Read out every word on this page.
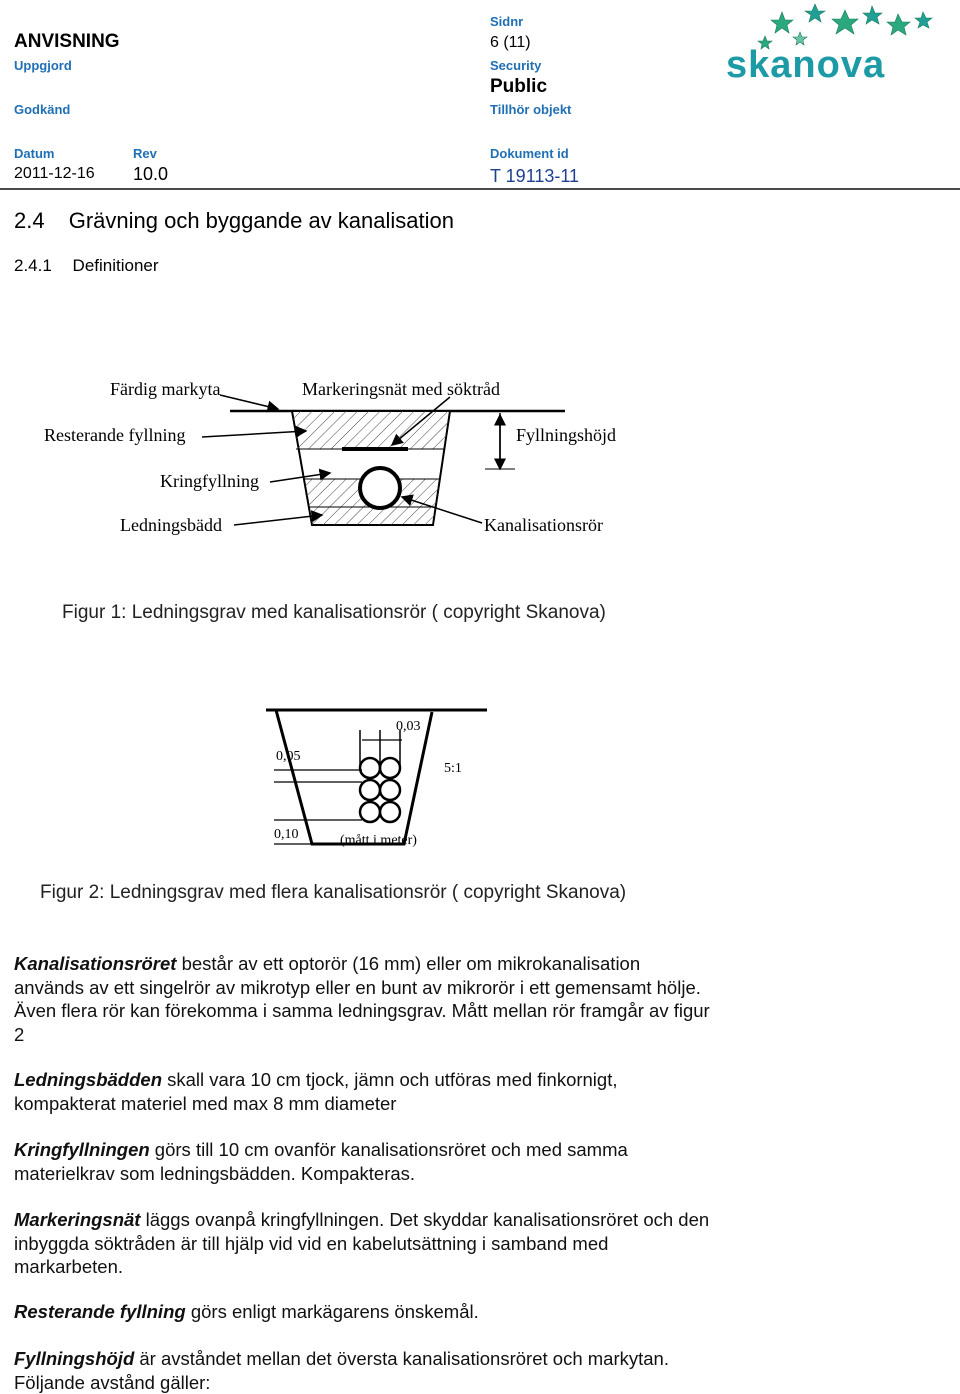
ANVISNING
Uppgjord
Godkänd
Datum
2011-12-16
Rev
10.0
Sidnr
6 (11)
Security
Public
Tillhör objekt
Dokument id
T 19113-11
skanova
2.4 Grävning och byggande av kanalisation
2.4.1 Definitioner
Färdig markyta	Markeringsnät med söktråd
Resterande fyllning	Fyllningshöjd
Kringfyllning
Ledningsbädd	Kanalisationsrör
Figur 1: Ledningsgrav med kanalisationsrör ( copyright Skanova)
0,05
0,03
5:1
0,10	(mått i meter)
Figur 2: Ledningsgrav med flera kanalisationsrör ( copyright Skanova)
Kanalisationsröret består av ett optorör (16 mm) eller om mikrokanalisation används av ett singelrör av mikrotyp eller en bunt av mikrorör i ett gemensamt hölje. Även flera rör kan förekomma i samma ledningsgrav. Mått mellan rör framgår av figur 2
Ledningsbädden skall vara 10 cm tjock, jämn och utföras med finkornigt, kompakterat materiel med max 8 mm diameter
Kringfyllningen görs till 10 cm ovanför kanalisationsröret och med samma materielkrav som ledningsbädden. Kompakteras.
Markeringsnät läggs ovanpå kringfyllningen. Det skyddar kanalisationsröret och den inbyggda söktråden är till hjälp vid vid en kabelutsättning i samband med markarbeten.
Resterande fyllning görs enligt markägarens önskemål.
Fyllningshöjd är avståndet mellan det översta kanalisationsröret och markytan. Följande avstånd gäller:
